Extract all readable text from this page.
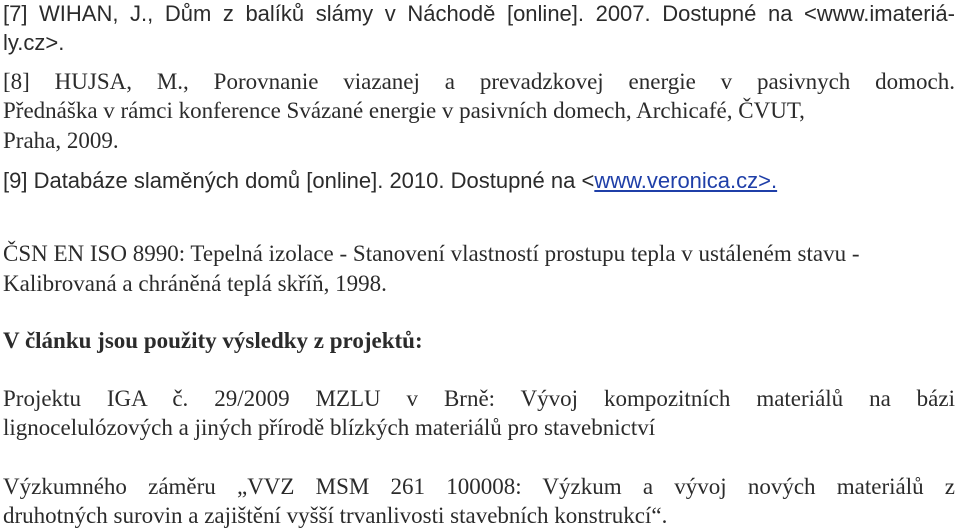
[7] WIHAN, J., Dům z balíků slámy v Náchodě [online]. 2007. Dostupné na <www.imateriá-

ly.cz>.

[8] HUJSA, M., Porovnanie viazanej a prevadzkovej energie v pasivnych domoch.

Přednáška v rámci konference Svázané energie v pasivních domech, Archicafé, ČVUT,

Praha, 2009.

[9] Databáze slaměných domů [online]. 2010. Dostupné na <www.veronica.cz>.

ČSN EN ISO 8990: Tepelná izolace - Stanovení vlastností prostupu tepla v ustáleném stavu -

Kalibrovaná a chráněná teplá skříň, 1998.

V článku jsou použity výsledky z projektů:

Projektu IGA č. 29/2009 MZLU v Brně: Vývoj kompozitních materiálů na bázi

lignocelulózových a jiných přírodě blízkých materiálů pro stavebnictví

Výzkumného záměru „VVZ MSM 261 100008: Výzkum a vývoj nových materiálů z

druhotných surovin a zajištění vyšší trvanlivosti stavebních konstrukcí“.
